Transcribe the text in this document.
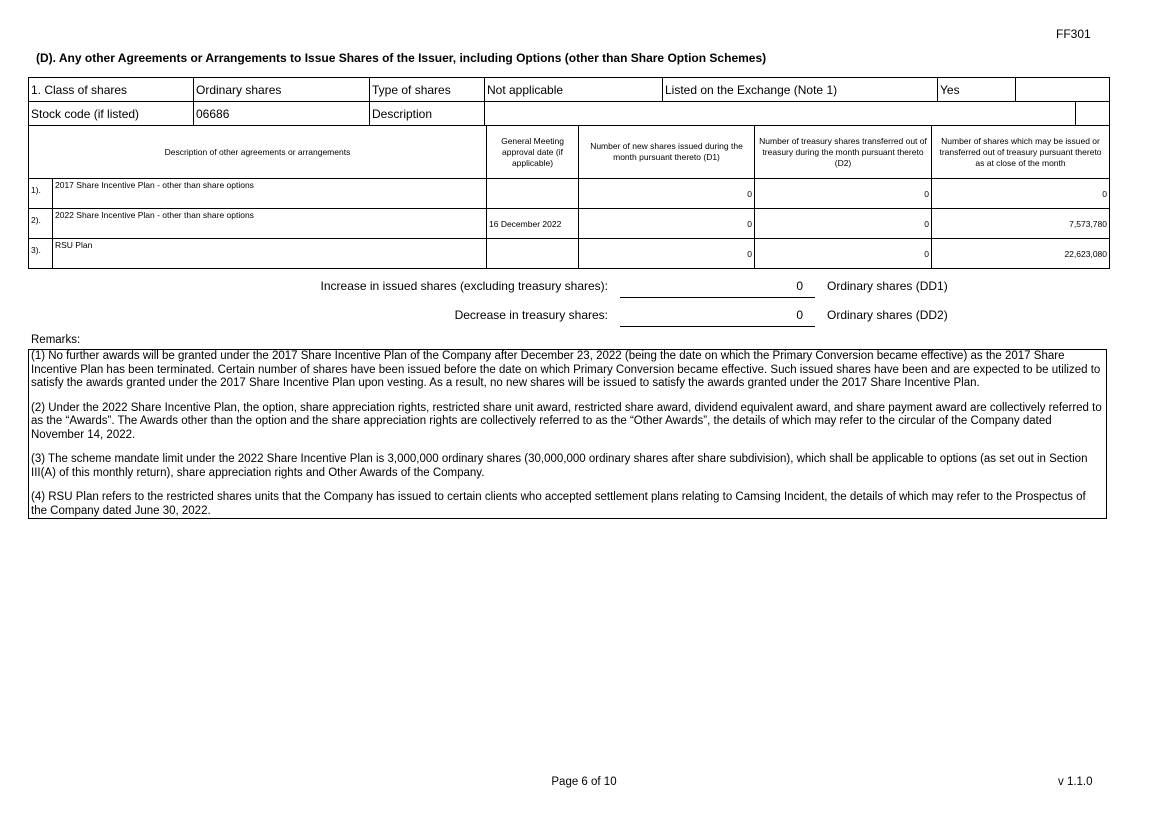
FF301
(D). Any other Agreements or Arrangements to Issue Shares of the Issuer, including Options (other than Share Option Schemes)
1. Class of shares	Ordinary shares	Type of shares	Not applicable	Listed on the Exchange (Note 1)	Yes		
Stock code (if listed)	06686	Description					
Description of other agreements or arrangements		General Meeting approval date (if applicable)	Number of new shares issued during the month pursuant thereto (D1)	Number of treasury shares transferred out of treasury during the month pursuant thereto (D2)	Number of shares which may be issued or transferred out of treasury pursuant thereto as at close of the month
1).	2017 Share Incentive Plan - other than share options		0	0	0
2).	2022 Share Incentive Plan - other than share options	16 December 2022	0	0	7,573,780
3).	RSU Plan		0	0	22,623,080
Increase in issued shares (excluding treasury shares):	0 Ordinary shares (DD1)
Decrease in treasury shares:	0 Ordinary shares (DD2)
Remarks:

(1) No further awards will be granted under the 2017 Share Incentive Plan of the Company after December 23, 2022 (being the date on which the Primary Conversion became effective) as the 2017 Share Incentive Plan has been terminated. Certain number of shares have been issued before the date on which Primary Conversion became effective. Such issued shares have been and are expected to be utilized to satisfy the awards granted under the 2017 Share Incentive Plan upon vesting. As a result, no new shares will be issued to satisfy the awards granted under the 2017 Share Incentive Plan.

(2) Under the 2022 Share Incentive Plan, the option, share appreciation rights, restricted share unit award, restricted share award, dividend equivalent award, and share payment award are collectively referred to as the “Awards”. The Awards other than the option and the share appreciation rights are collectively referred to as the “Other Awards”, the details of which may refer to the circular of the Company dated November 14, 2022.

(3) The scheme mandate limit under the 2022 Share Incentive Plan is 3,000,000 ordinary shares (30,000,000 ordinary shares after share subdivision), which shall be applicable to options (as set out in Section III(A) of this monthly return), share appreciation rights and Other Awards of the Company.

(4) RSU Plan refers to the restricted shares units that the Company has issued to certain clients who accepted settlement plans relating to Camsing Incident, the details of which may refer to the Prospectus of the Company dated June 30, 2022.

Page 6 of 10	v 1.1.0
